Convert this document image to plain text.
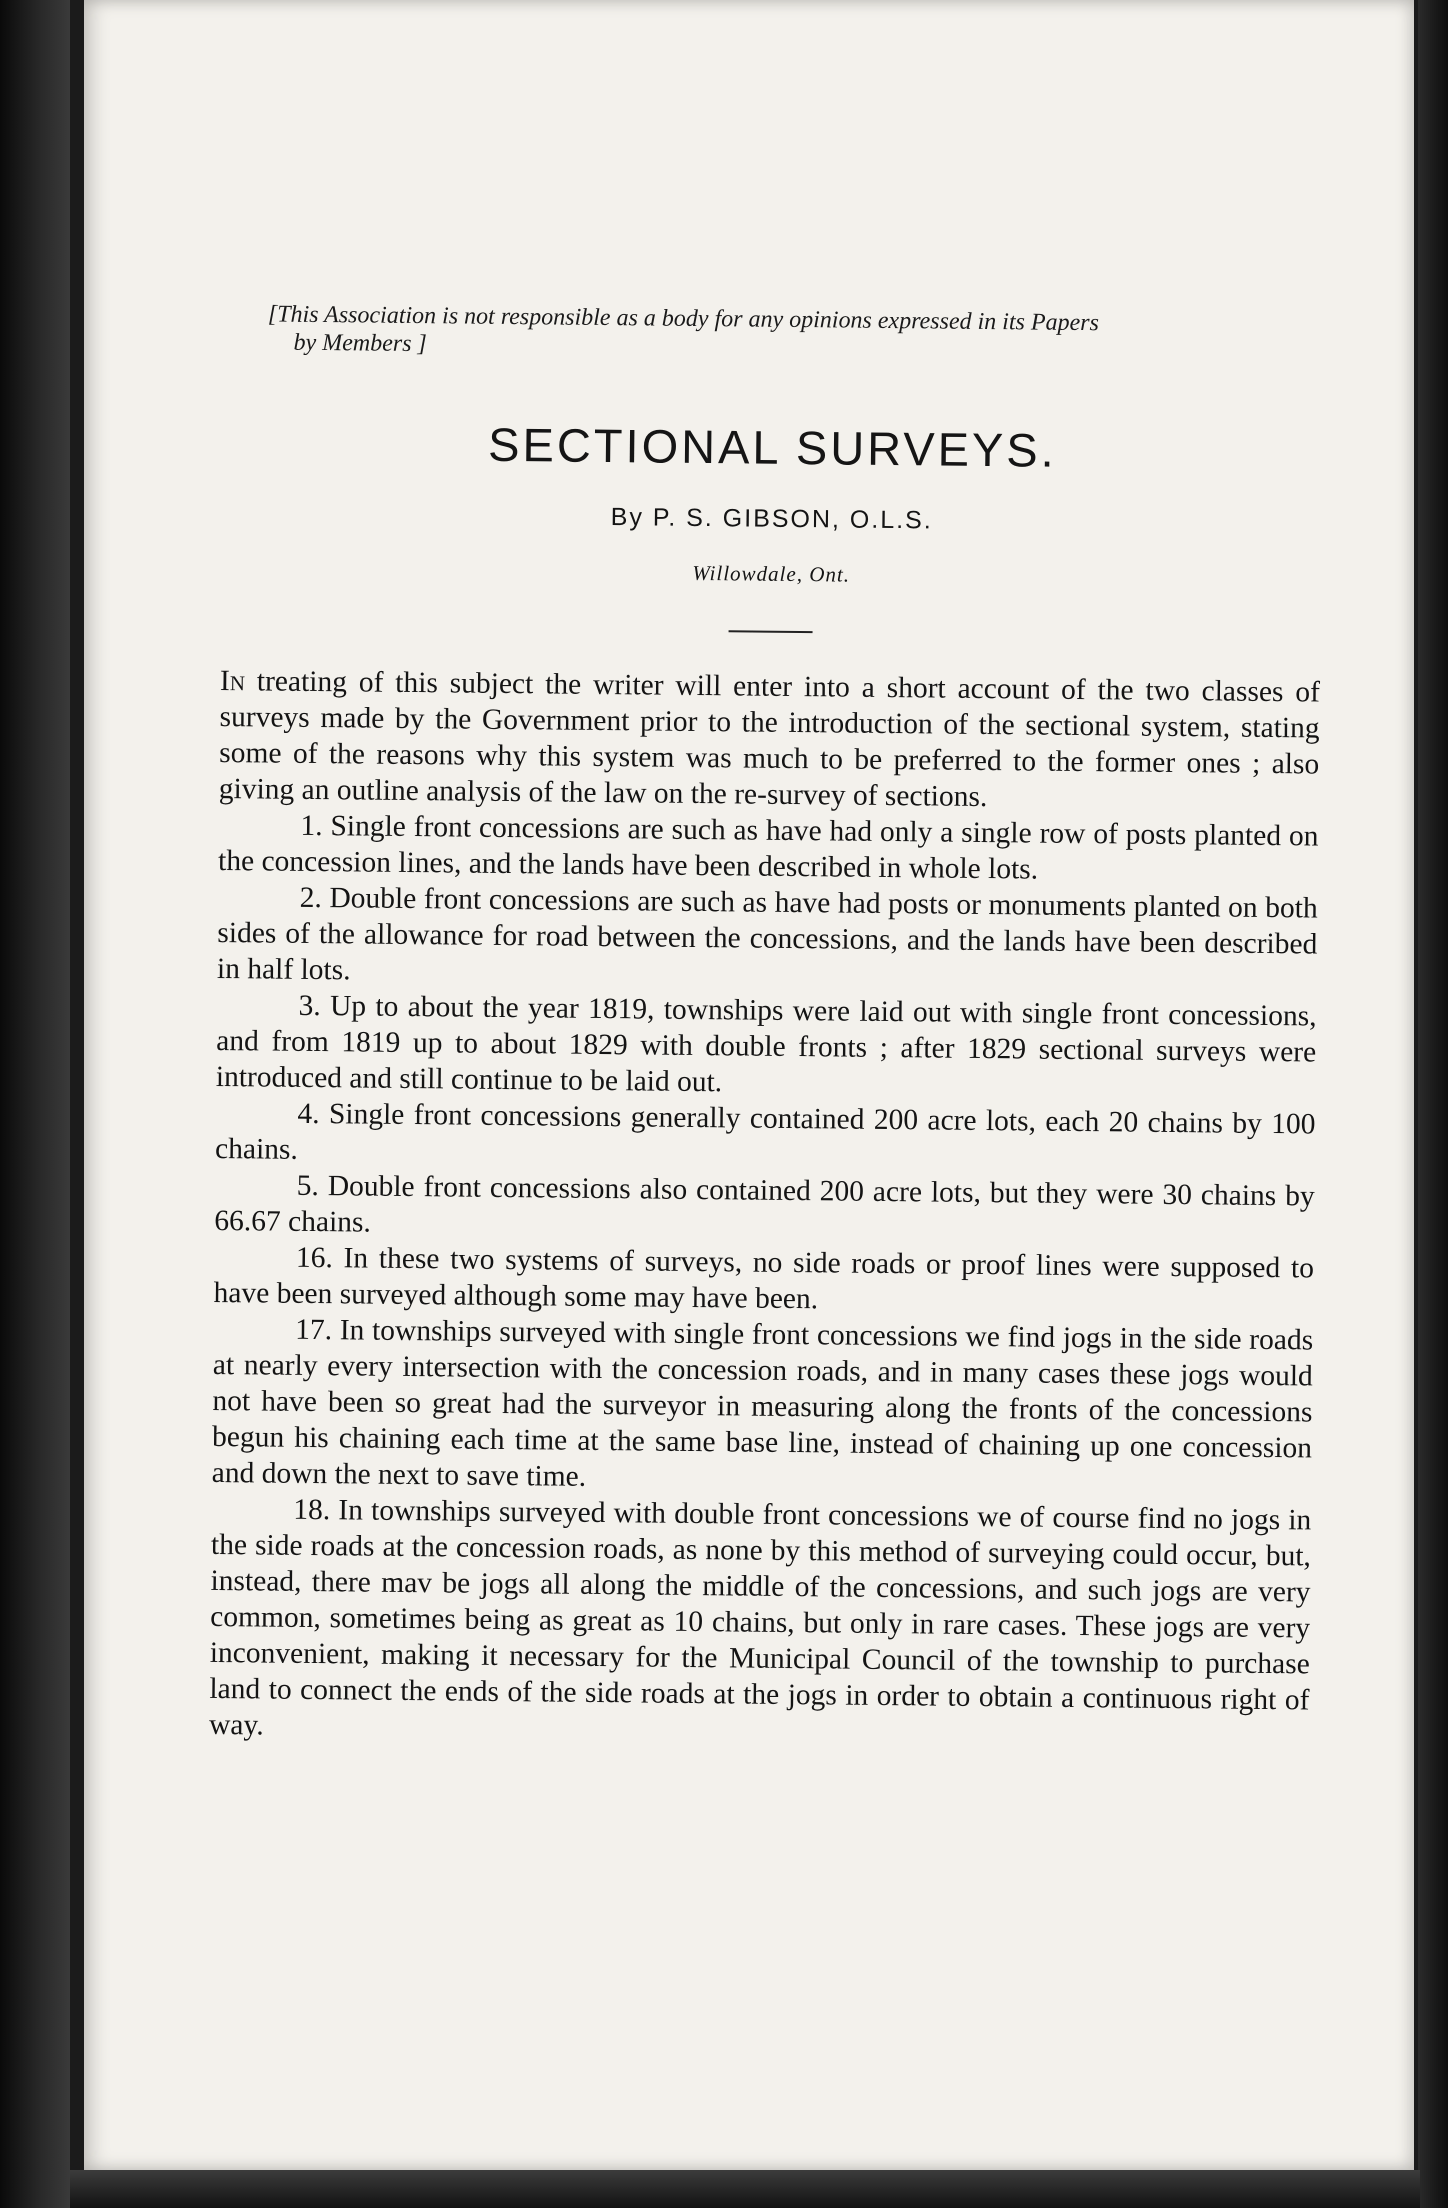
[This Association is not responsible as a body for any opinions expressed in its Papers
by Members ]
SECTIONAL SURVEYS.
By P. S. GIBSON, O.L.S.
Willowdale, Ont.

In treating of this subject the writer will enter into a short account of the two classes of surveys made by the Government prior to the introduction of the sectional system, stating some of the reasons why this system was much to be preferred to the former ones ; also giving an outline analysis of the law on the re-survey of sections.

1. Single front concessions are such as have had only a single row of posts planted on the concession lines, and the lands have been described in whole lots.

2. Double front concessions are such as have had posts or monuments planted on both sides of the allowance for road between the concessions, and the lands have been described in half lots.

3. Up to about the year 1819, townships were laid out with single front concessions, and from 1819 up to about 1829 with double fronts ; after 1829 sectional surveys were introduced and still continue to be laid out.

4. Single front concessions generally contained 200 acre lots, each 20 chains by 100 chains.

5. Double front concessions also contained 200 acre lots, but they were 30 chains by 66.67 chains.

16. In these two systems of surveys, no side roads or proof lines were supposed to have been surveyed although some may have been.

17. In townships surveyed with single front concessions we find jogs in the side roads at nearly every intersection with the concession roads, and in many cases these jogs would not have been so great had the surveyor in measuring along the fronts of the concessions begun his chaining each time at the same base line, instead of chaining up one concession and down the next to save time.

18. In townships surveyed with double front concessions we of course find no jogs in the side roads at the concession roads, as none by this method of surveying could occur, but, instead, there mav be jogs all along the middle of the concessions, and such jogs are very common, sometimes being as great as 10 chains, but only in rare cases. These jogs are very inconvenient, making it necessary for the Municipal Council of the township to purchase land to connect the ends of the side roads at the jogs in order to obtain a continuous right of way.
